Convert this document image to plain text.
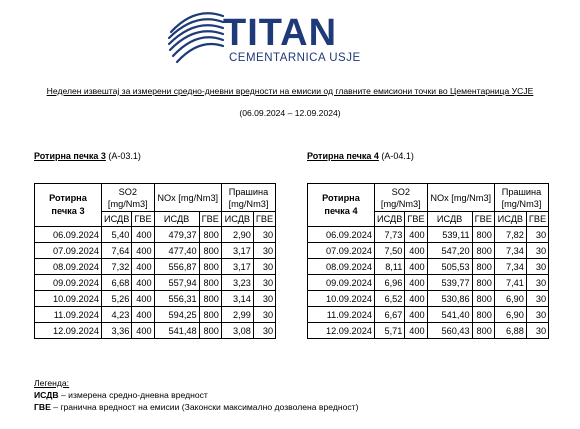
TITAN
CEMENTARNICA USJE
Неделен извештај за измерени средно-дневни вредности на емисии од главните емисиони точки во Цементарница УСЈЕ
(06.09.2024 – 12.09.2024)
Ротирна печка 3 (А-03.1)	Ротирна печка 4 (А-04.1)
Ротирна печка 3	SO2 [mg/Nm3]		NOx [mg/Nm3]		Прашина [mg/Nm3]	
	ИСДВ	ГВЕ	ИСДВ	ГВЕ	ИСДВ	ГВЕ
06.09.2024	5,40	400	479,37	800	2,90	30
07.09.2024	7,64	400	477,40	800	3,17	30
08.09.2024	7,32	400	556,87	800	3,17	30
09.09.2024	6,68	400	557,94	800	3,23	30
10.09.2024	5,26	400	556,31	800	3,14	30
11.09.2024	4,23	400	594,25	800	2,99	30
12.09.2024	3,36	400	541,48	800	3,08	30
Ротирна печка 4	SO2 [mg/Nm3]		NOx [mg/Nm3]		Прашина [mg/Nm3]	
	ИСДВ	ГВЕ	ИСДВ	ГВЕ	ИСДВ	ГВЕ
06.09.2024	7,73	400	539,11	800	7,82	30
07.09.2024	7,50	400	547,20	800	7,34	30
08.09.2024	8,11	400	505,53	800	7,34	30
09.09.2024	6,96	400	539,77	800	7,41	30
10.09.2024	6,52	400	530,86	800	6,90	30
11.09.2024	6,67	400	541,40	800	6,90	30
12.09.2024	5,71	400	560,43	800	6,88	30
Легенда:
ИСДВ – измерена средно-дневна вредност
ГВЕ – гранична вредност на емисии (Законски максимално дозволена вредност)
